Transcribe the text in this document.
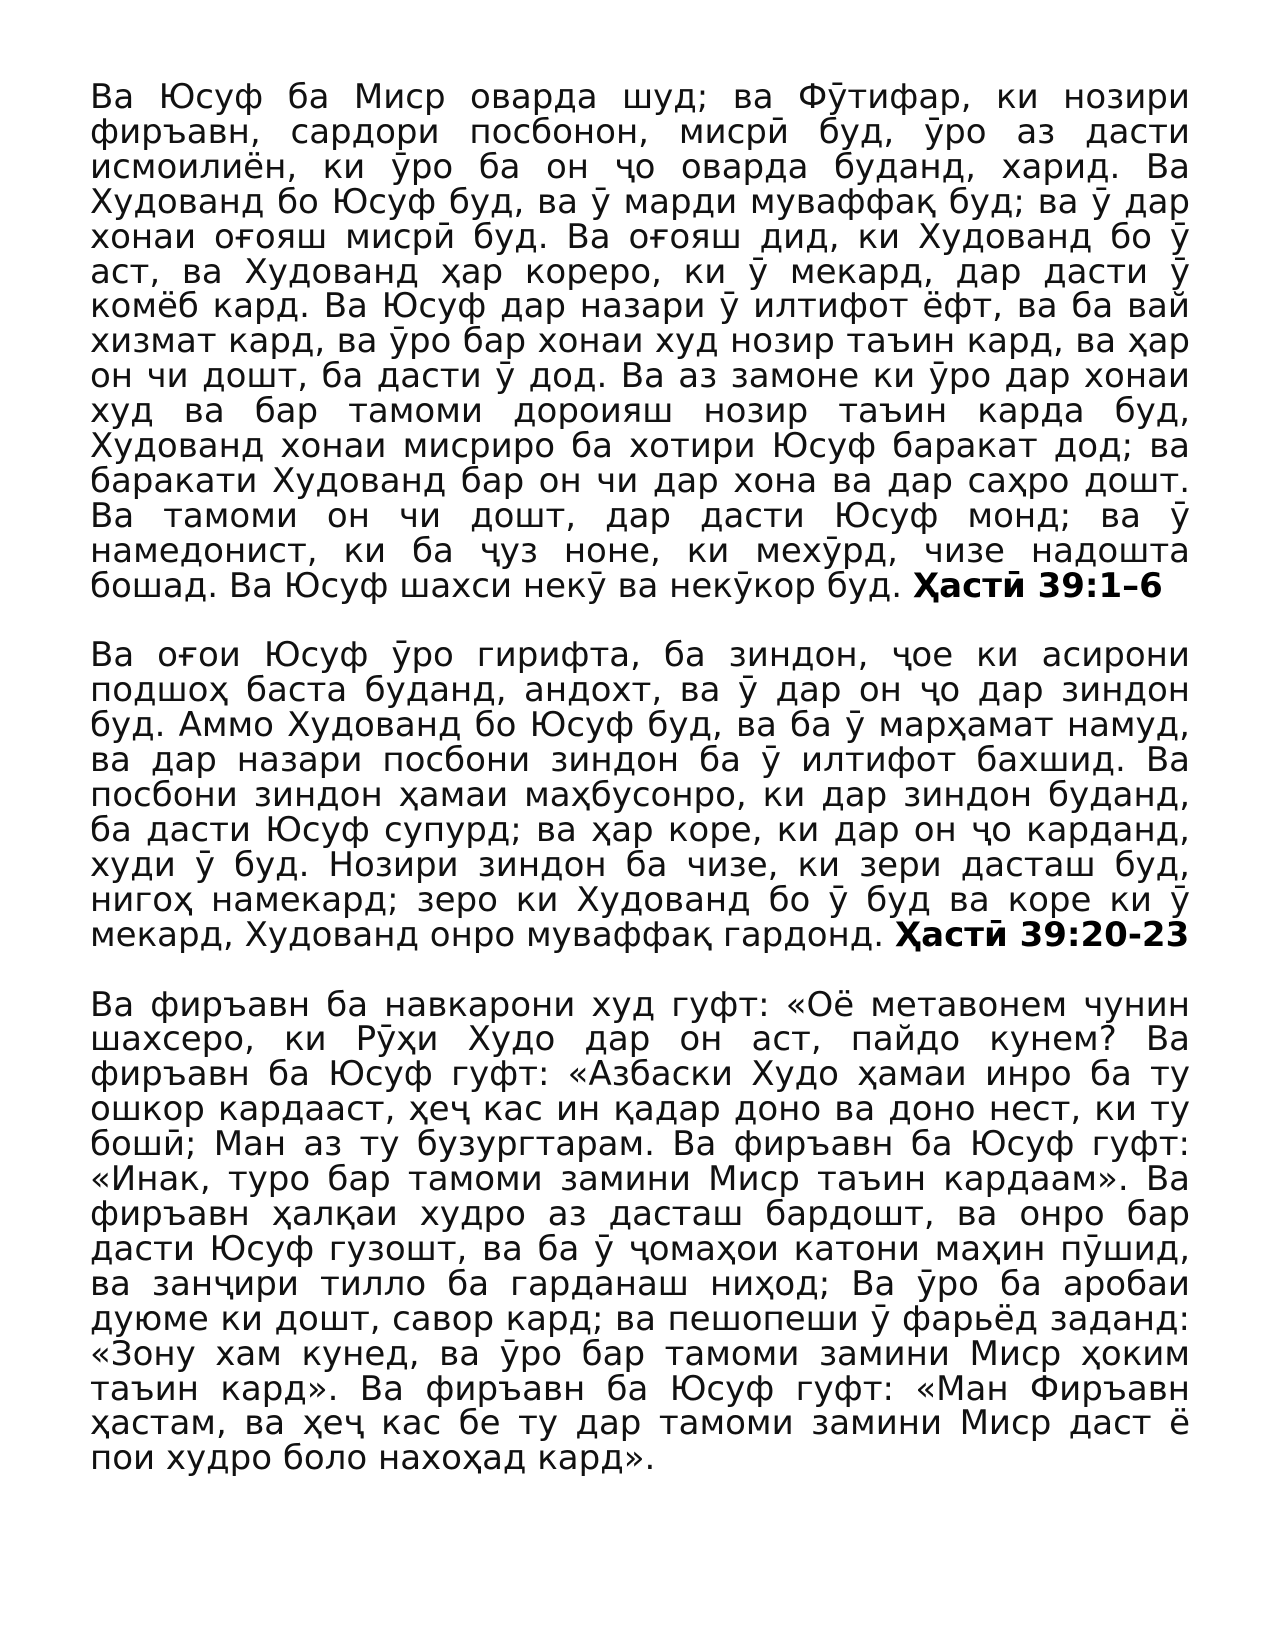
Ва Юсуф ба Миср оварда шуд; ва Фӯтифар, ки нозири фиръавн, сардори посбонон, мисрӣ буд, ӯро аз дасти исмоилиён, ки ӯро ба он ҷо оварда буданд, харид. Ва Худованд бо Юсуф буд, ва ӯ марди муваффақ буд; ва ӯ дар хонаи оғояш мисрӣ буд. Ва оғояш дид, ки Худованд бо ӯ аст, ва Худованд ҳар кореро, ки ӯ мекард, дар дасти ӯ комёб кард. Ва Юсуф дар назари ӯ илтифот ёфт, ва ба вай хизмат кард, ва ӯро бар хонаи худ нозир таъин кард, ва ҳар он чи дошт, ба дасти ӯ дод. Ва аз замоне ки ӯро дар хонаи худ ва бар тамоми дороияш нозир таъин карда буд, Худованд хонаи мисриро ба хотири Юсуф баракат дод; ва баракати Худованд бар он чи дар хона ва дар саҳро дошт. Ва тамоми он чи дошт, дар дасти Юсуф монд; ва ӯ намедонист, ки ба ҷуз ноне, ки мехӯрд, чизе надошта бошад. Ва Юсуф шахси некӯ ва некӯкор буд. Ҳастӣ 39:1–6

Ва оғои Юсуф ӯро гирифта, ба зиндон, ҷое ки асирони подшоҳ баста буданд, андохт, ва ӯ дар он ҷо дар зиндон буд. Аммо Худованд бо Юсуф буд, ва ба ӯ марҳамат намуд, ва дар назари посбони зиндон ба ӯ илтифот бахшид. Ва посбони зиндон ҳамаи маҳбусонро, ки дар зиндон буданд, ба дасти Юсуф супурд; ва ҳар коре, ки дар он ҷо карданд, худи ӯ буд. Нозири зиндон ба чизе, ки зери дасташ буд, нигоҳ намекард; зеро ки Худованд бо ӯ буд ва коре ки ӯ мекард, Худованд онро муваффақ гардонд. Ҳастӣ 39:20-23

Ва фиръавн ба навкарони худ гуфт: «Оё метавонем чунин шахсеро, ки Рӯҳи Худо дар он аст, пайдо кунем? Ва фиръавн ба Юсуф гуфт: «Азбаски Худо ҳамаи инро ба ту ошкор кардааст, ҳеҷ кас ин қадар доно ва доно нест, ки ту бошӣ; Ман аз ту бузургтарам. Ва фиръавн ба Юсуф гуфт: «Инак, туро бар тамоми замини Миср таъин кардаам». Ва фиръавн ҳалқаи худро аз дасташ бардошт, ва онро бар дасти Юсуф гузошт, ва ба ӯ ҷомаҳои катони маҳин пӯшид, ва занҷири тилло ба гарданаш ниҳод; Ва ӯро ба аробаи дуюме ки дошт, савор кард; ва пешопеши ӯ фарьёд заданд: «Зону хам кунед, ва ӯро бар тамоми замини Миср ҳоким таъин кард». Ва фиръавн ба Юсуф гуфт: «Ман Фиръавн ҳастам, ва ҳеҷ кас бе ту дар тамоми замини Миср даст ё пои худро боло нахоҳад кард».
